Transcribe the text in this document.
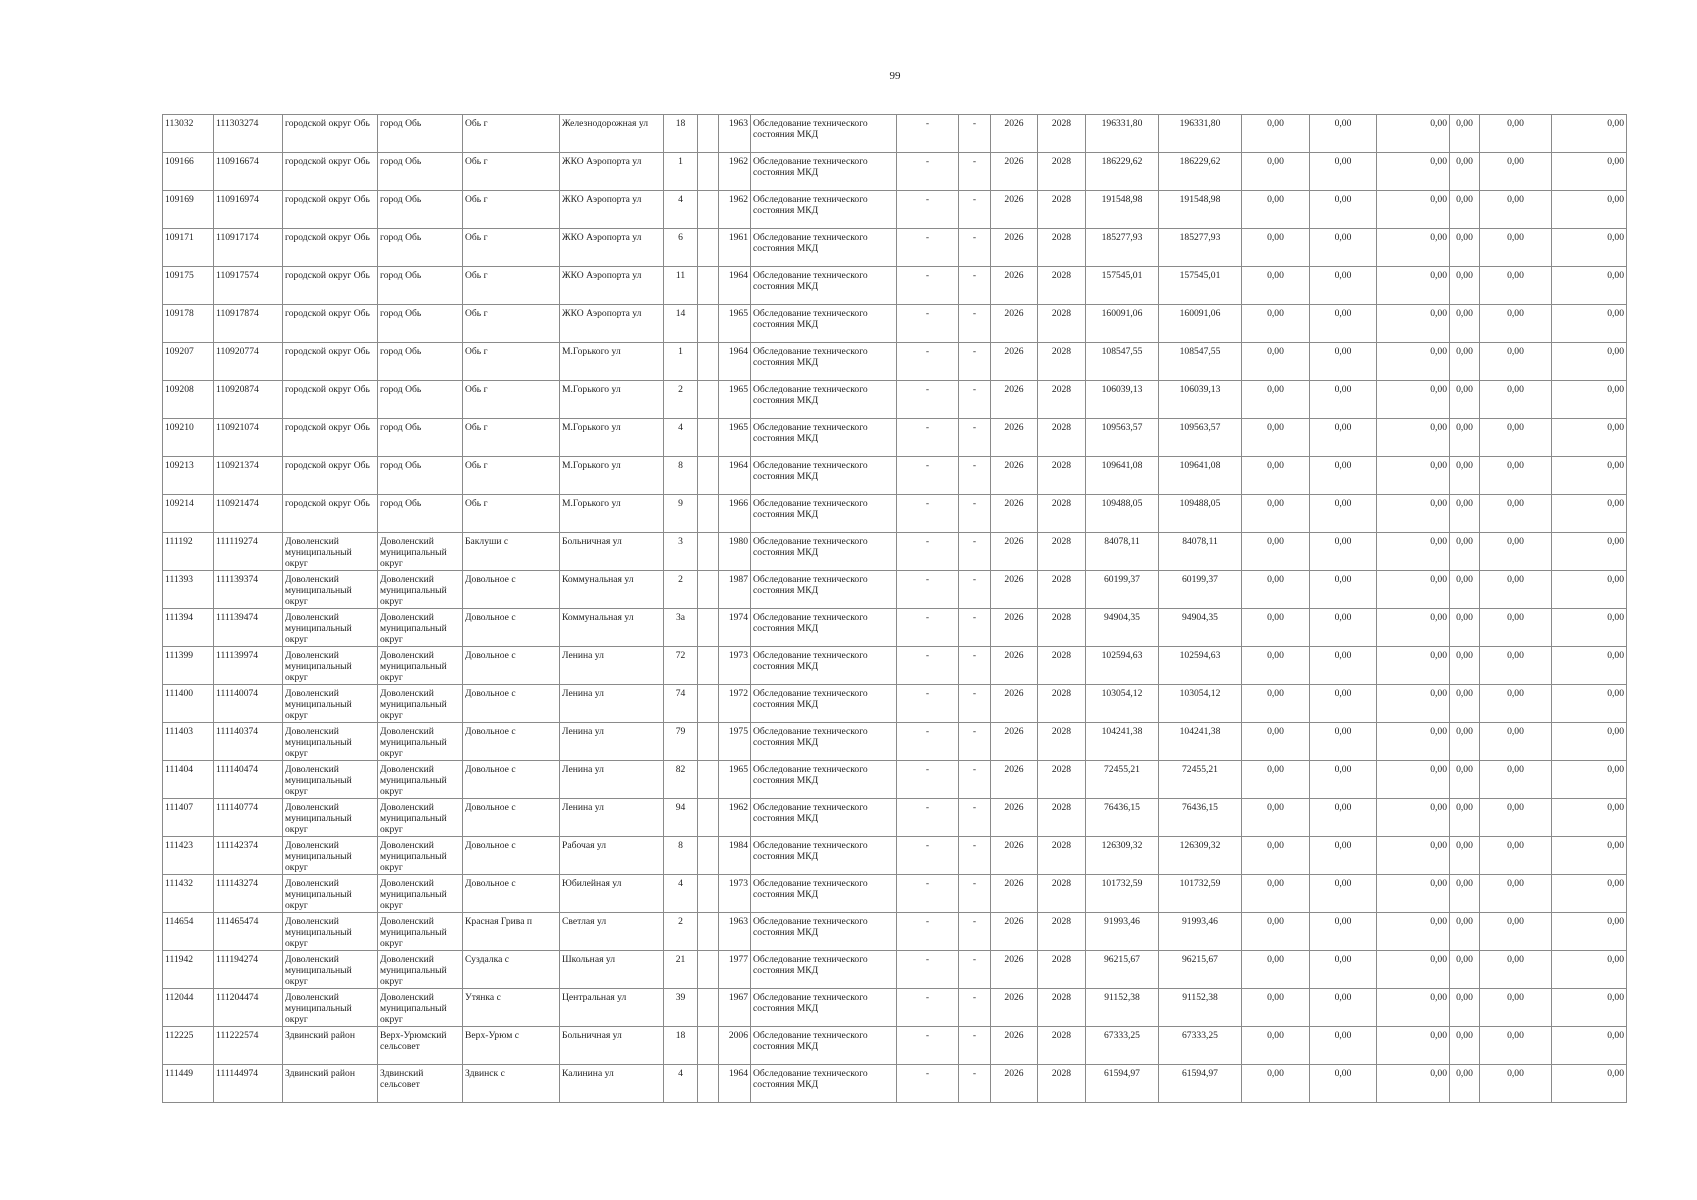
99
113032	111303274	городской округ Обь	город Обь	Обь г	Железнодорожная ул	18		1963	Обследование технического состояния МКД	-	-	2026	2028	196331,80	196331,80	0,00	0,00	0,00	0,00	0,00	0,00
109166	110916674	городской округ Обь	город Обь	Обь г	ЖКО Аэропорта ул	1		1962	Обследование технического состояния МКД	-	-	2026	2028	186229,62	186229,62	0,00	0,00	0,00	0,00	0,00	0,00
109169	110916974	городской округ Обь	город Обь	Обь г	ЖКО Аэропорта ул	4		1962	Обследование технического состояния МКД	-	-	2026	2028	191548,98	191548,98	0,00	0,00	0,00	0,00	0,00	0,00
109171	110917174	городской округ Обь	город Обь	Обь г	ЖКО Аэропорта ул	6		1961	Обследование технического состояния МКД	-	-	2026	2028	185277,93	185277,93	0,00	0,00	0,00	0,00	0,00	0,00
109175	110917574	городской округ Обь	город Обь	Обь г	ЖКО Аэропорта ул	11		1964	Обследование технического состояния МКД	-	-	2026	2028	157545,01	157545,01	0,00	0,00	0,00	0,00	0,00	0,00
109178	110917874	городской округ Обь	город Обь	Обь г	ЖКО Аэропорта ул	14		1965	Обследование технического состояния МКД	-	-	2026	2028	160091,06	160091,06	0,00	0,00	0,00	0,00	0,00	0,00
109207	110920774	городской округ Обь	город Обь	Обь г	М.Горького ул	1		1964	Обследование технического состояния МКД	-	-	2026	2028	108547,55	108547,55	0,00	0,00	0,00	0,00	0,00	0,00
109208	110920874	городской округ Обь	город Обь	Обь г	М.Горького ул	2		1965	Обследование технического состояния МКД	-	-	2026	2028	106039,13	106039,13	0,00	0,00	0,00	0,00	0,00	0,00
109210	110921074	городской округ Обь	город Обь	Обь г	М.Горького ул	4		1965	Обследование технического состояния МКД	-	-	2026	2028	109563,57	109563,57	0,00	0,00	0,00	0,00	0,00	0,00
109213	110921374	городской округ Обь	город Обь	Обь г	М.Горького ул	8		1964	Обследование технического состояния МКД	-	-	2026	2028	109641,08	109641,08	0,00	0,00	0,00	0,00	0,00	0,00
109214	110921474	городской округ Обь	город Обь	Обь г	М.Горького ул	9		1966	Обследование технического состояния МКД	-	-	2026	2028	109488,05	109488,05	0,00	0,00	0,00	0,00	0,00	0,00
111192	111119274	Доволенский муниципальный округ	Доволенский муниципальный округ	Баклуши с	Больничная ул	3		1980	Обследование технического состояния МКД	-	-	2026	2028	84078,11	84078,11	0,00	0,00	0,00	0,00	0,00	0,00
111393	111139374	Доволенский муниципальный округ	Доволенский муниципальный округ	Довольное с	Коммунальная ул	2		1987	Обследование технического состояния МКД	-	-	2026	2028	60199,37	60199,37	0,00	0,00	0,00	0,00	0,00	0,00
111394	111139474	Доволенский муниципальный округ	Доволенский муниципальный округ	Довольное с	Коммунальная ул	3а		1974	Обследование технического состояния МКД	-	-	2026	2028	94904,35	94904,35	0,00	0,00	0,00	0,00	0,00	0,00
111399	111139974	Доволенский муниципальный округ	Доволенский муниципальный округ	Довольное с	Ленина ул	72		1973	Обследование технического состояния МКД	-	-	2026	2028	102594,63	102594,63	0,00	0,00	0,00	0,00	0,00	0,00
111400	111140074	Доволенский муниципальный округ	Доволенский муниципальный округ	Довольное с	Ленина ул	74		1972	Обследование технического состояния МКД	-	-	2026	2028	103054,12	103054,12	0,00	0,00	0,00	0,00	0,00	0,00
111403	111140374	Доволенский муниципальный округ	Доволенский муниципальный округ	Довольное с	Ленина ул	79		1975	Обследование технического состояния МКД	-	-	2026	2028	104241,38	104241,38	0,00	0,00	0,00	0,00	0,00	0,00
111404	111140474	Доволенский муниципальный округ	Доволенский муниципальный округ	Довольное с	Ленина ул	82		1965	Обследование технического состояния МКД	-	-	2026	2028	72455,21	72455,21	0,00	0,00	0,00	0,00	0,00	0,00
111407	111140774	Доволенский муниципальный округ	Доволенский муниципальный округ	Довольное с	Ленина ул	94		1962	Обследование технического состояния МКД	-	-	2026	2028	76436,15	76436,15	0,00	0,00	0,00	0,00	0,00	0,00
111423	111142374	Доволенский муниципальный округ	Доволенский муниципальный округ	Довольное с	Рабочая ул	8		1984	Обследование технического состояния МКД	-	-	2026	2028	126309,32	126309,32	0,00	0,00	0,00	0,00	0,00	0,00
111432	111143274	Доволенский муниципальный округ	Доволенский муниципальный округ	Довольное с	Юбилейная ул	4		1973	Обследование технического состояния МКД	-	-	2026	2028	101732,59	101732,59	0,00	0,00	0,00	0,00	0,00	0,00
114654	111465474	Доволенский муниципальный округ	Доволенский муниципальный округ	Красная Грива п	Светлая ул	2		1963	Обследование технического состояния МКД	-	-	2026	2028	91993,46	91993,46	0,00	0,00	0,00	0,00	0,00	0,00
111942	111194274	Доволенский муниципальный округ	Доволенский муниципальный округ	Суздалка с	Школьная ул	21		1977	Обследование технического состояния МКД	-	-	2026	2028	96215,67	96215,67	0,00	0,00	0,00	0,00	0,00	0,00
112044	111204474	Доволенский муниципальный округ	Доволенский муниципальный округ	Утянка с	Центральная ул	39		1967	Обследование технического состояния МКД	-	-	2026	2028	91152,38	91152,38	0,00	0,00	0,00	0,00	0,00	0,00
112225	111222574	Здвинский район	Верх-Урюмский сельсовет	Верх-Урюм с	Больничная ул	18		2006	Обследование технического состояния МКД	-	-	2026	2028	67333,25	67333,25	0,00	0,00	0,00	0,00	0,00	0,00
111449	111144974	Здвинский район	Здвинский сельсовет	Здвинск с	Калинина ул	4		1964	Обследование технического состояния МКД	-	-	2026	2028	61594,97	61594,97	0,00	0,00	0,00	0,00	0,00	0,00
